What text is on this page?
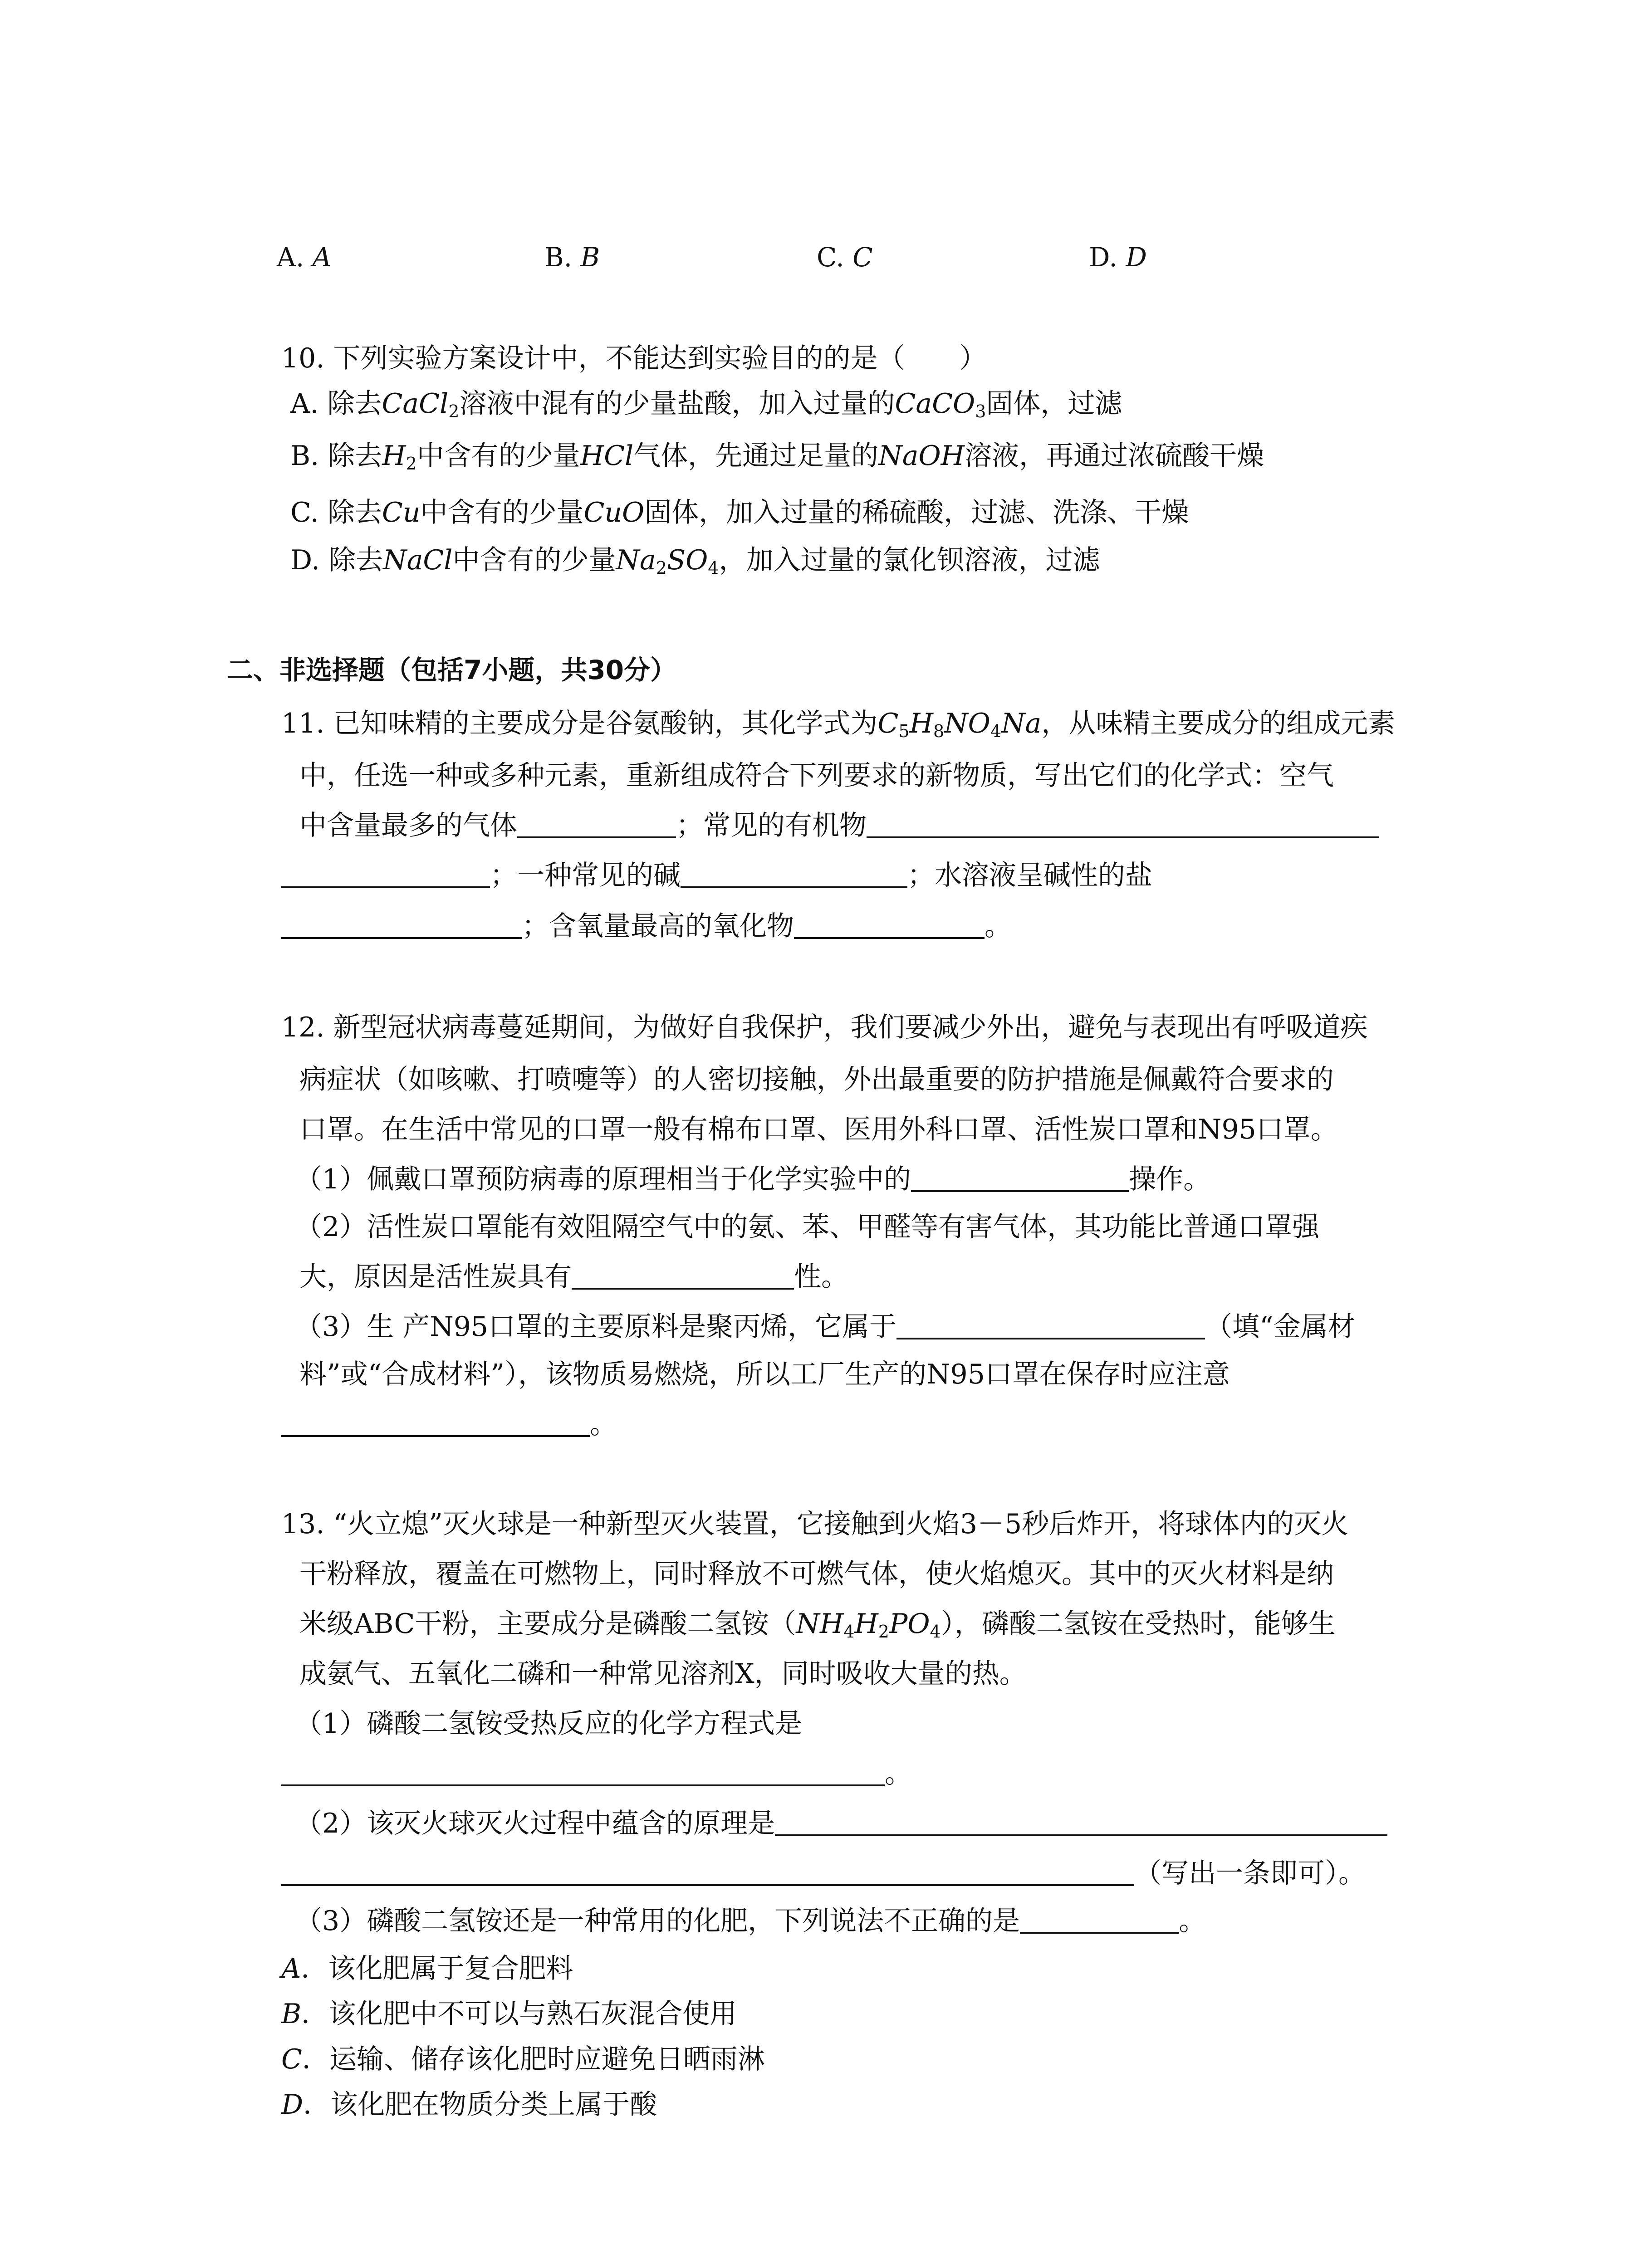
A. A	B. B	C. C	D. D
10. 下列实验方案设计中，不能达到实验目的的是（　　）
A. 除去CaCl$_2$溶液中混有的少量盐酸，加入过量的CaCO$_3$固体，过滤
B. 除去$H_2$中含有的少量HCl气体，先通过足量的NaOH溶液，再通过浓硫酸干燥
C. 除去Cu中含有的少量CuO固体，加入过量的稀硫酸，过滤、洗涤、干燥
D. 除去NaCl中含有的少量$Na_2SO_4$，加入过量的氯化钡溶液，过滤
二、非选择题（包括7小题，共30分）
11. 已知味精的主要成分是谷氨酸钠，其化学式为$C_5H_8NO_4Na$，从味精主要成分的组成元素
中，任选一种或多种元素，重新组成符合下列要求的新物质，写出它们的化学式：空气
中含量最多的气体	；常见的有机物
；一种常见的碱	；水溶液呈碱性的盐
；含氧量最高的氧化物	。
12. 新型冠状病毒蔓延期间，为做好自我保护，我们要减少外出，避免与表现出有呼吸道疾
病症状（如咳嗽、打喷嚏等）的人密切接触，外出最重要的防护措施是佩戴符合要求的
口罩。在生活中常见的口罩一般有棉布口罩、医用外科口罩、活性炭口罩和N95口罩。
（1）佩戴口罩预防病毒的原理相当于化学实验中的	操作。
（2）活性炭口罩能有效阻隔空气中的氨、苯、甲醛等有害气体，其功能比普通口罩强
大，原因是活性炭具有	性。
（3）生 产N95口罩的主要原料是聚丙烯，它属于	（填“金属材
料”或“合成材料”），该物质易燃烧，所以工厂生产的N95口罩在保存时应注意
。
13. “火立熄”灭火球是一种新型灭火装置，它接触到火焰3－5秒后炸开，将球体内的灭火
干粉释放，覆盖在可燃物上，同时释放不可燃气体，使火焰熄灭。其中的灭火材料是纳
米级ABC干粉，主要成分是磷酸二氢铵$(NH_4H_2PO_4)$，磷酸二氢铵在受热时，能够生
成氨气、五氧化二磷和一种常见溶剂X，同时吸收大量的热。
（1）磷酸二氢铵受热反应的化学方程式是
。
（2）该灭火球灭火过程中蕴含的原理是
（写出一条即可）。
（3）磷酸二氢铵还是一种常用的化肥，下列说法不正确的是	。
A．该化肥属于复合肥料
B．该化肥中不可以与熟石灰混合使用
C．运输、储存该化肥时应避免日晒雨淋
D．该化肥在物质分类上属于酸
